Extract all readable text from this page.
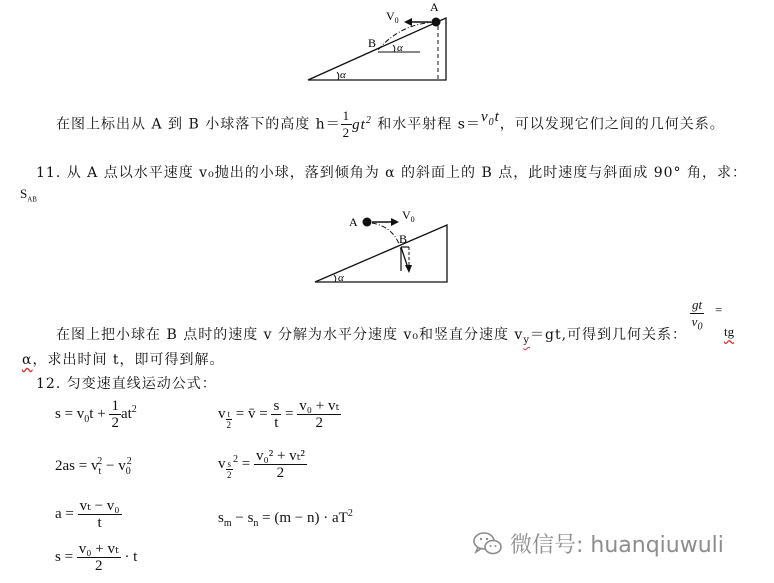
A
$V_0$
B
α
α
在图上标出从 A 到 B 小球落下的高度 $h= \frac{1}{2} gt^2$ 和水平射程 $s=v_0t$，可以发现它们之间的几何关系。
11. 从 A 点以水平速度 v₀抛出的小球，落到倾角为 α 的斜面上的 B 点，此时速度与斜面成 90° 角，求：
$S_{AB}$
A	$V_0$
B
α
$\frac{gt}{v_0}$ =
在图上把小球在 B 点时的速度 v 分解为水平分速度 v₀和竖直分速度 $v_y=gt$,可得到几何关系：	tg
α，求出时间 t，即可得到解。
12. 匀变速直线运动公式：
$s = v_0t + \frac{1}{2} at^2$	v $\frac{t}{2}$ = v̄ = $\frac{s}{t} = \frac{\text{v₀ + vₜ}}{2}$
$2as = v_t^2 - v_0^2$	v $\frac{s}{2} ^2 = \frac{\text{v₀² + vₜ²}}{2}$
$a = \frac{\text{vₜ − v₀}}{t}$	$s_m - s_n = (m - n) \cdot aT^2$
$s = \frac{\text{v₀ + vₜ}}{2} \cdot t$	微信号: huanqiuwuli
